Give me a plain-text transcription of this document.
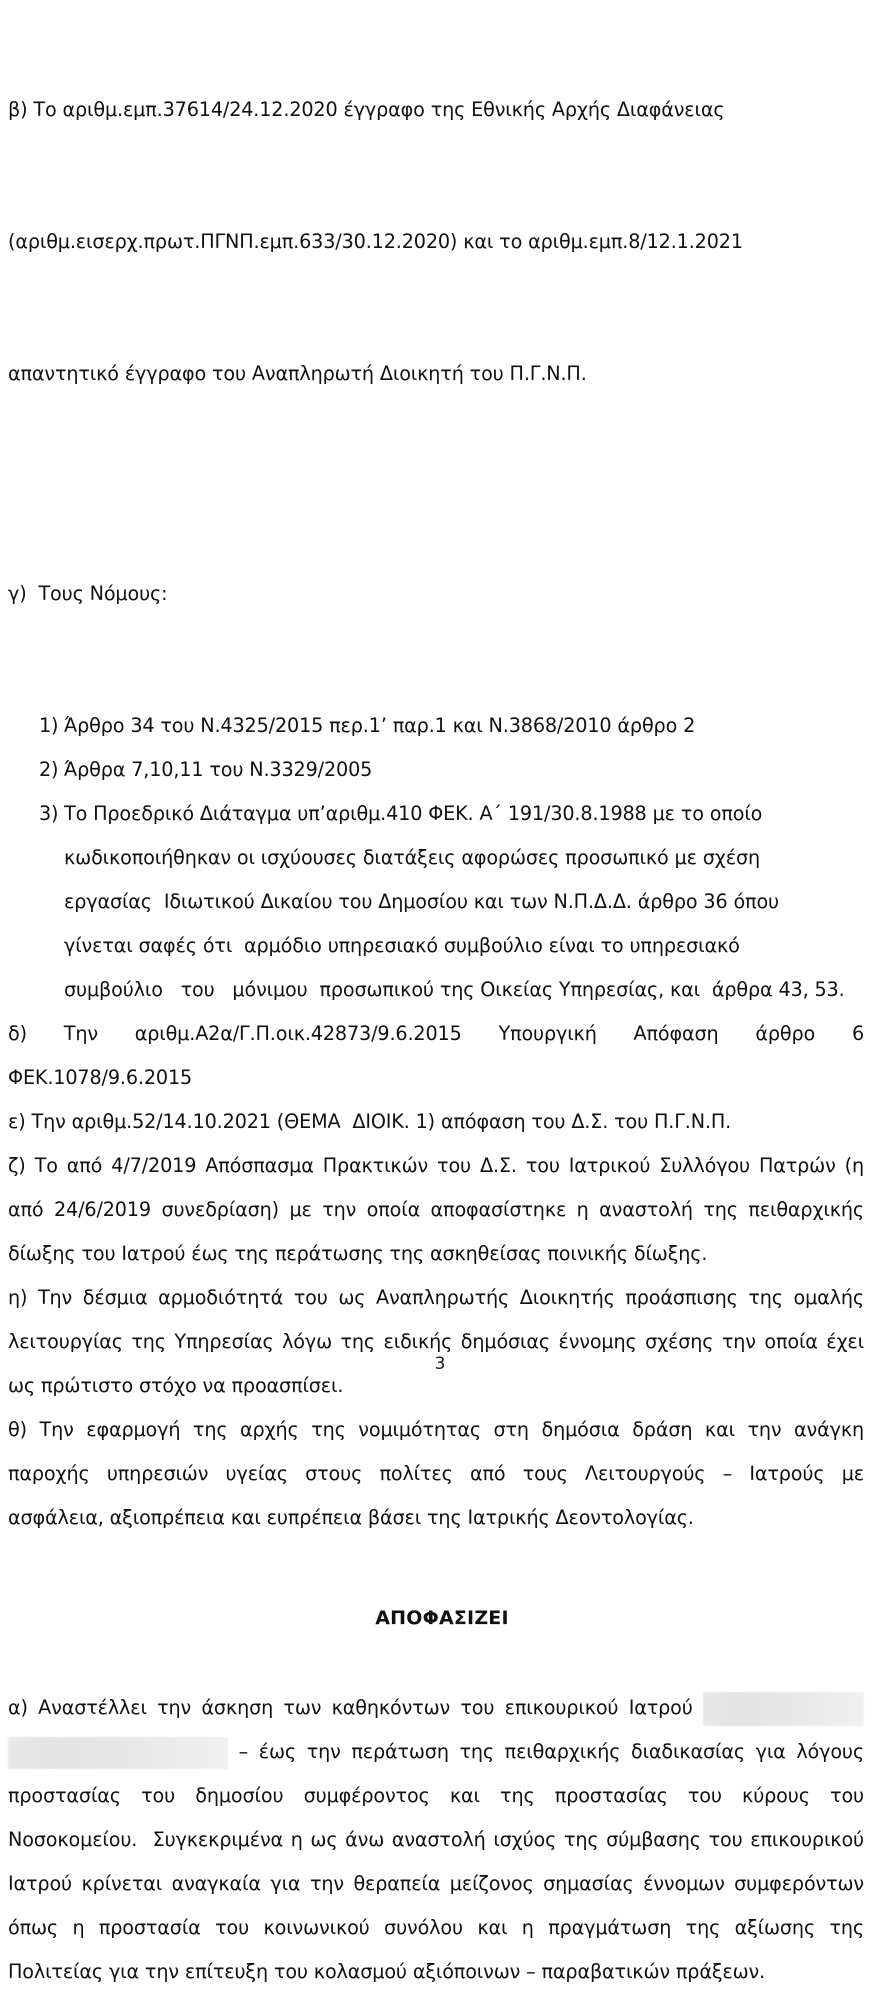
β) Το αριθμ.εμπ.37614/24.12.2020 έγγραφο της Εθνικής Αρχής Διαφάνειας

(αριθμ.εισερχ.πρωτ.ΠΓΝΠ.εμπ.633/30.12.2020) και το αριθμ.εμπ.8/12.1.2021

απαντητικό έγγραφο του Αναπληρωτή Διοικητή του Π.Γ.Ν.Π.

γ) Τους Νόμους:

1) Άρθρο 34 του Ν.4325/2015 περ.1’ παρ.1 και Ν.3868/2010 άρθρο 2
2) Άρθρα 7,10,11 του Ν.3329/2005
3) Το Προεδρικό Διάταγμα υπ’αριθμ.410 ΦΕΚ. Α΄ 191/30.8.1988 με το οποίο
κωδικοποιήθηκαν οι ισχύουσες διατάξεις αφορώσες προσωπικό με σχέση
εργασίας  Ιδιωτικού Δικαίου του Δημοσίου και των Ν.Π.Δ.Δ. άρθρο 36 όπου
γίνεται σαφές ότι  αρμόδιο υπηρεσιακό συμβούλιο είναι το υπηρεσιακό
συμβούλιο   του   μόνιμου  προσωπικού της Οικείας Υπηρεσίας, και  άρθρα 43, 53.
δ) Την αριθμ.Α2α/Γ.Π.οικ.42873/9.6.2015 Υπουργική Απόφαση άρθρο 6
ΦΕΚ.1078/9.6.2015
ε) Την αριθμ.52/14.10.2021 (ΘΕΜΑ  ΔΙΟΙΚ. 1) απόφαση του Δ.Σ. του Π.Γ.Ν.Π.
ζ) Το από 4/7/2019 Απόσπασμα Πρακτικών του Δ.Σ. του Ιατρικού Συλλόγου Πατρών (η
από 24/6/2019 συνεδρίαση) με την οποία αποφασίστηκε η αναστολή της πειθαρχικής
δίωξης του Ιατρού έως της περάτωσης της ασκηθείσας ποινικής δίωξης.
η) Την δέσμια αρμοδιότητά του ως Αναπληρωτής Διοικητής προάσπισης της ομαλής
λειτουργίας της Υπηρεσίας λόγω της ειδικής δημόσιας έννομης σχέσης την οποία έχει
ως πρώτιστο στόχο να προασπίσει.
θ) Την εφαρμογή της αρχής της νομιμότητας στη δημόσια δράση και την ανάγκη
παροχής υπηρεσιών υγείας στους πολίτες από τους Λειτουργούς – Ιατρούς με
ασφάλεια, αξιοπρέπεια και ευπρέπεια βάσει της Ιατρικής Δεοντολογίας.
ΑΠΟΦΑΣΙΖΕΙ
α) Αναστέλλει την άσκηση των καθηκόντων του επικουρικού Ιατρού
– έως την περάτωση της πειθαρχικής διαδικασίας για λόγους
προστασίας του δημοσίου συμφέροντος και της προστασίας του κύρους του
Νοσοκομείου.  Συγκεκριμένα η ως άνω αναστολή ισχύος της σύμβασης του επικουρικού
Ιατρού κρίνεται αναγκαία για την θεραπεία μείζονος σημασίας έννομων συμφερόντων
όπως η προστασία του κοινωνικού συνόλου και η πραγμάτωση της αξίωσης της
Πολιτείας για την επίτευξη του κολασμού αξιόποινων – παραβατικών πράξεων.
3
